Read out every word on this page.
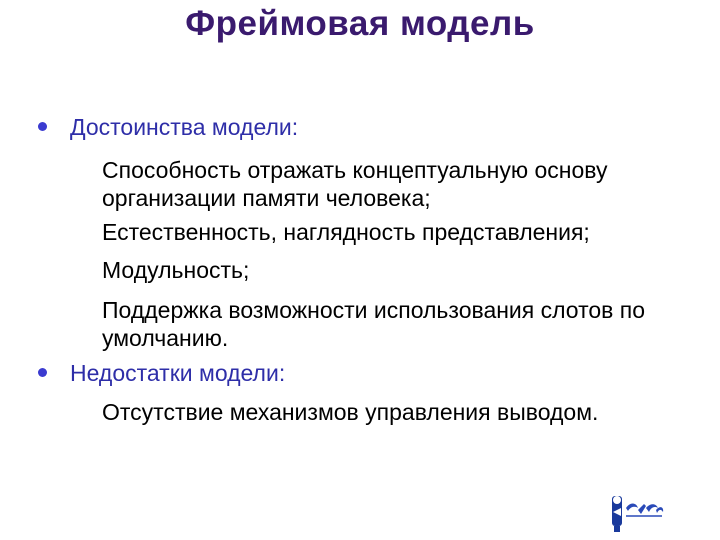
Фреймовая модель
Достоинства модели:
Способность отражать концептуальную основу организации памяти человека;
Естественность, наглядность представления;
Модульность;
Поддержка возможности использования слотов по умолчанию.
Недостатки модели:
Отсутствие механизмов управления выводом.
